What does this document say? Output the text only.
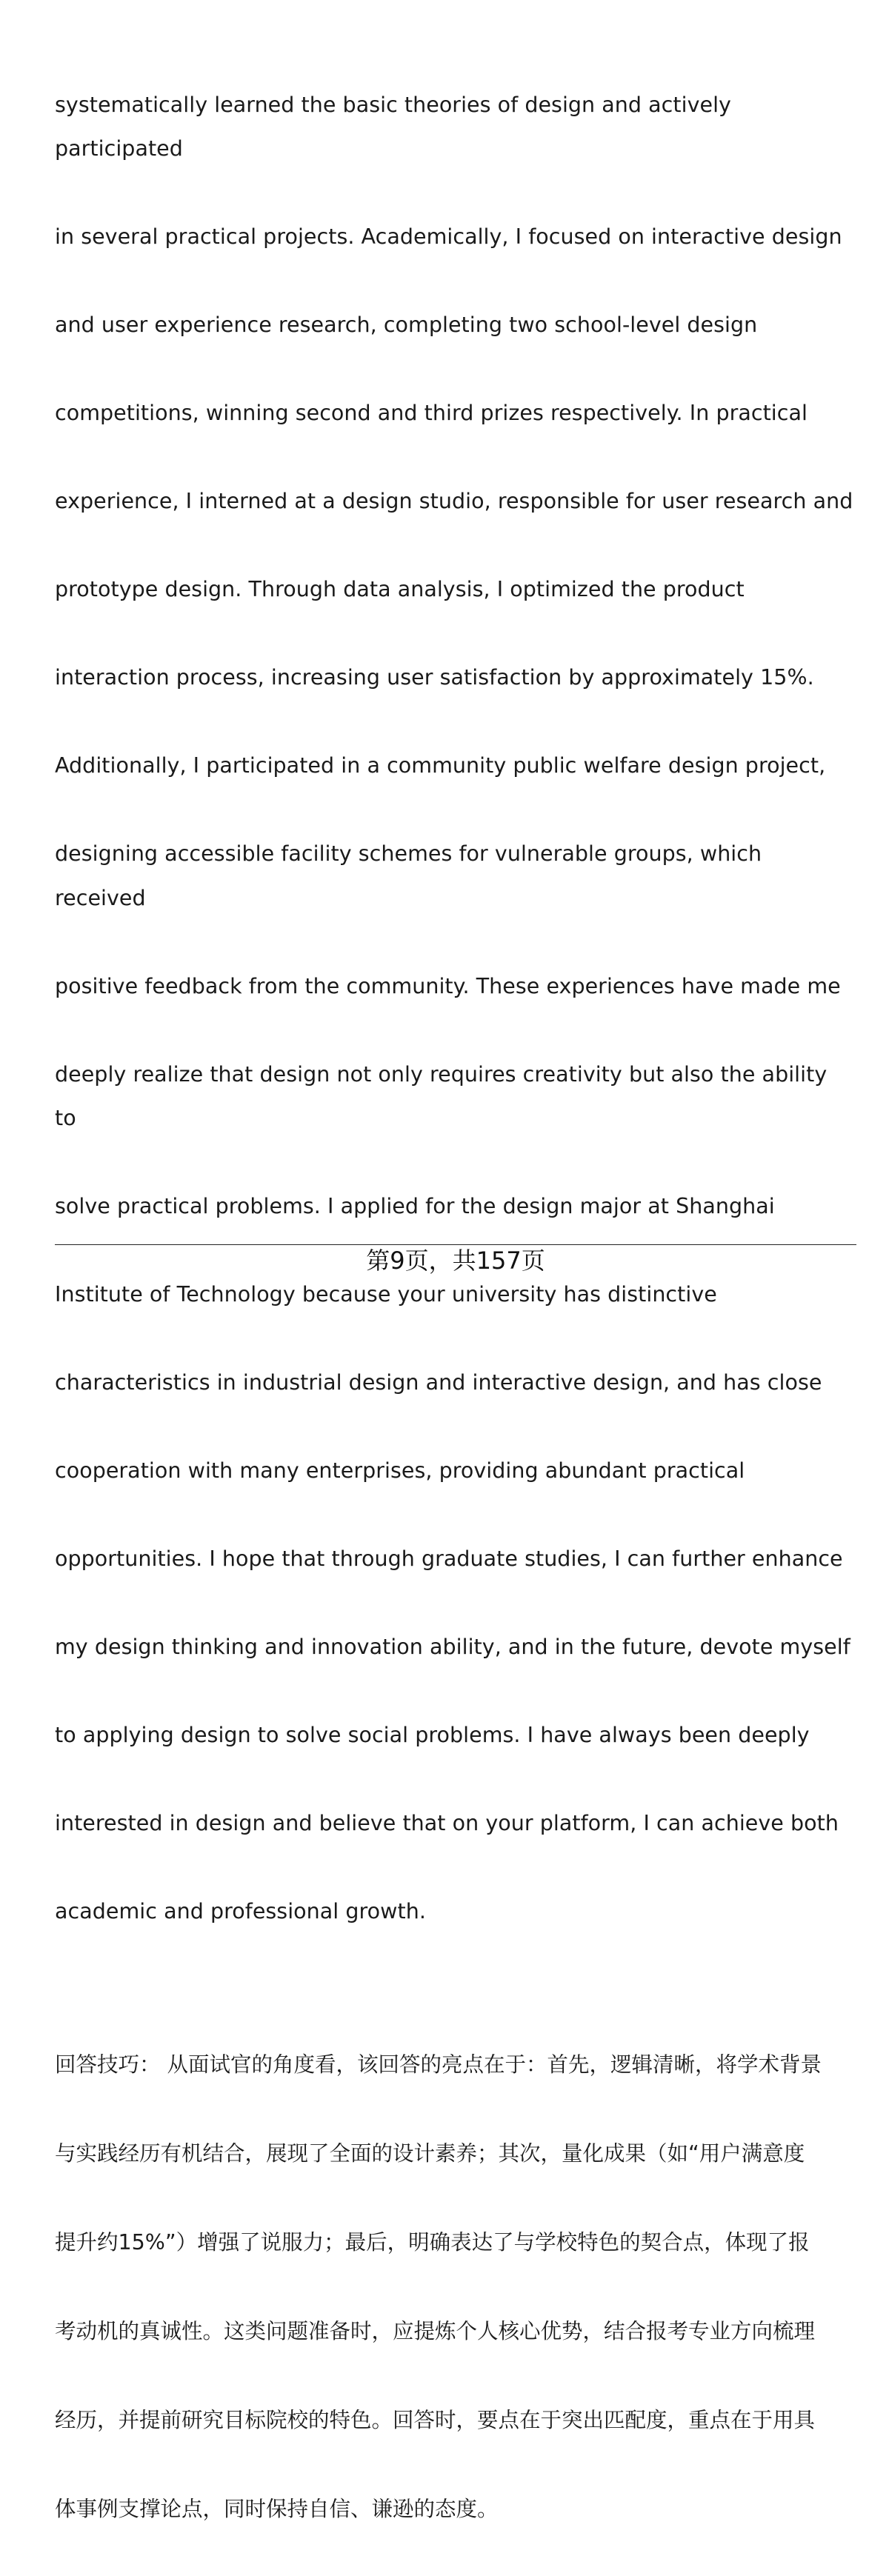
systematically learned the basic theories of design and actively participated

in several practical projects. Academically, I focused on interactive design

and user experience research, completing two school-level design

competitions, winning second and third prizes respectively. In practical

experience, I interned at a design studio, responsible for user research and

prototype design. Through data analysis, I optimized the product

interaction process, increasing user satisfaction by approximately 15%.

Additionally, I participated in a community public welfare design project,

designing accessible facility schemes for vulnerable groups, which received

positive feedback from the community. These experiences have made me

deeply realize that design not only requires creativity but also the ability to

solve practical problems. I applied for the design major at Shanghai

Institute of Technology because your university has distinctive

characteristics in industrial design and interactive design, and has close

cooperation with many enterprises, providing abundant practical

opportunities. I hope that through graduate studies, I can further enhance

my design thinking and innovation ability, and in the future, devote myself

to applying design to solve social problems. I have always been deeply

interested in design and believe that on your platform, I can achieve both

academic and professional growth.

回答技巧： 从面试官的角度看，该回答的亮点在于：首先，逻辑清晰，将学术背景

与实践经历有机结合，展现了全面的设计素养；其次，量化成果（如“用户满意度

提升约15%”）增强了说服力；最后，明确表达了与学校特色的契合点，体现了报

考动机的真诚性。这类问题准备时，应提炼个人核心优势，结合报考专业方向梳理

经历，并提前研究目标院校的特色。回答时，要点在于突出匹配度，重点在于用具

体事例支撑论点，同时保持自信、谦逊的态度。

第9页，共157页
